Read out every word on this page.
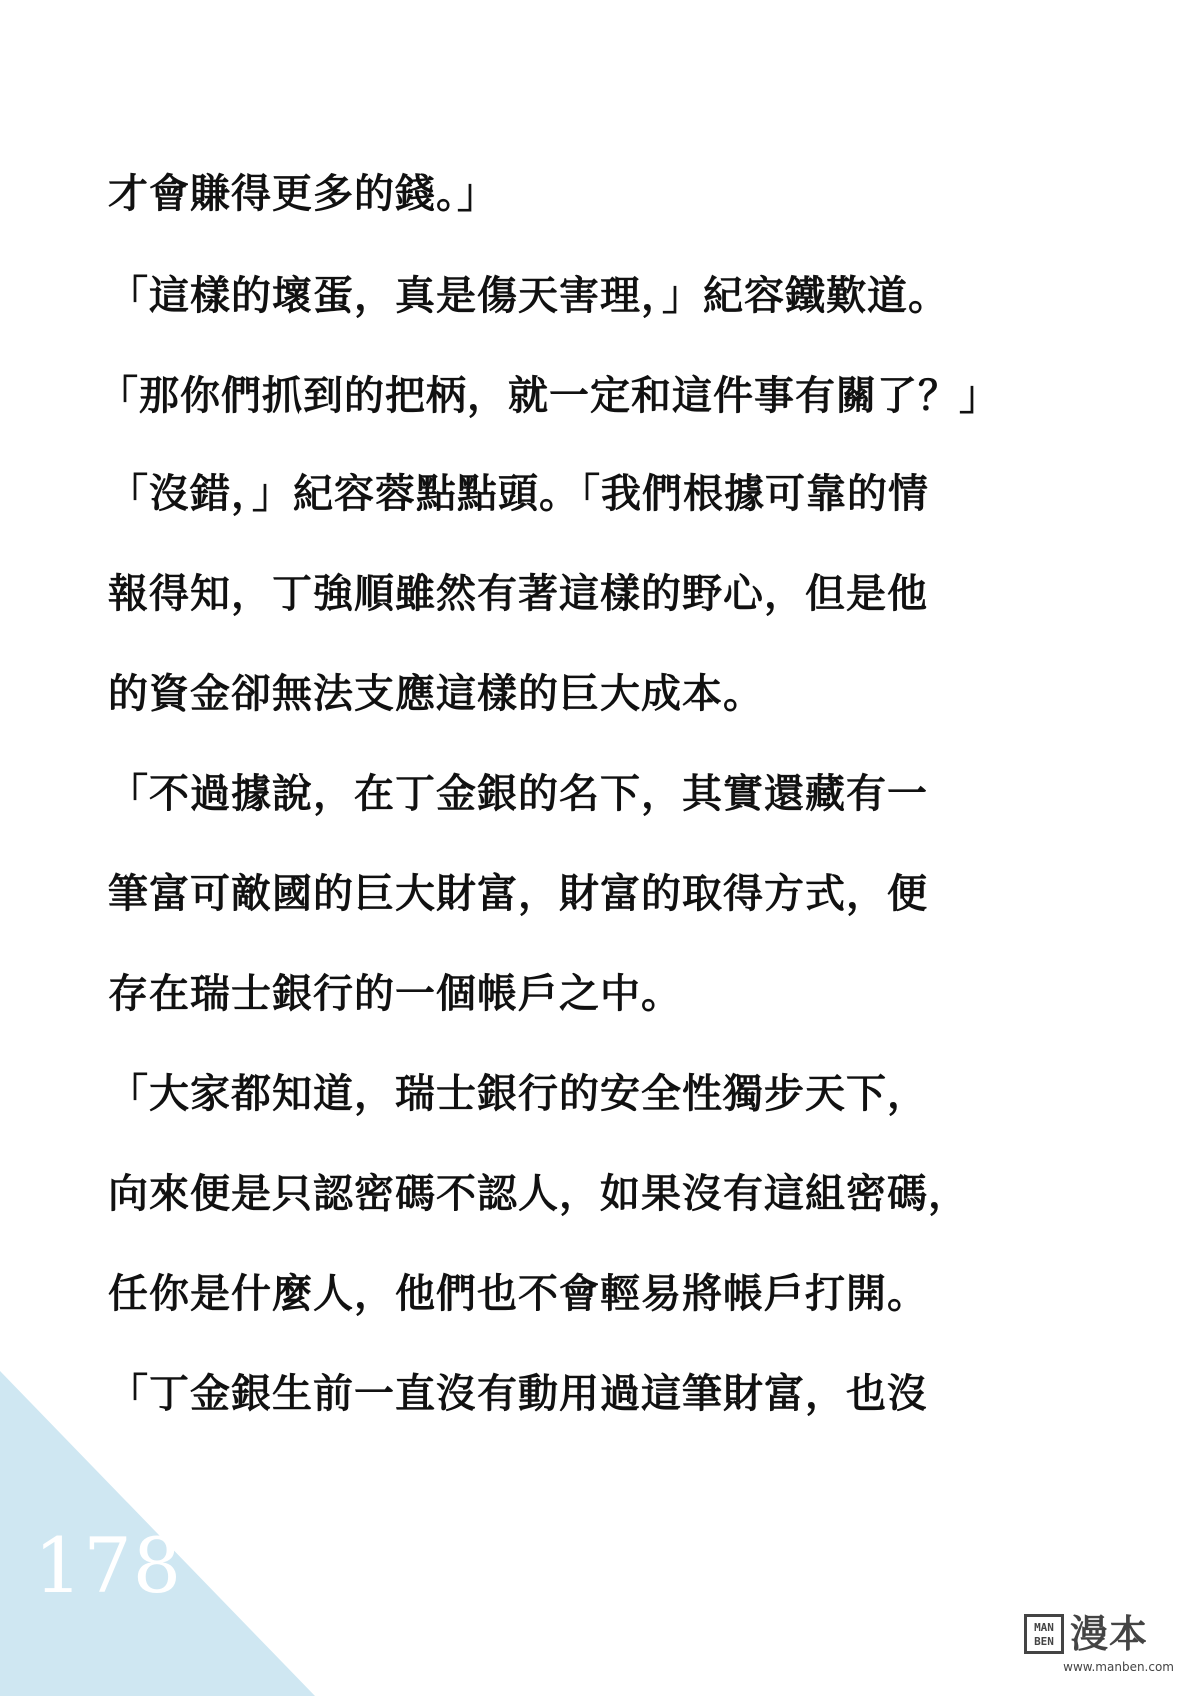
才會賺得更多的錢。」
「這樣的壞蛋，真是傷天害理，」紀容鐵歎道。
「那你們抓到的把柄，就一定和這件事有關了？」
「沒錯，」紀容蓉點點頭。「我們根據可靠的情
報得知，丁強順雖然有著這樣的野心，但是他
的資金卻無法支應這樣的巨大成本。
「不過據說，在丁金銀的名下，其實還藏有一
筆富可敵國的巨大財富，財富的取得方式，便
存在瑞士銀行的一個帳戶之中。
「大家都知道，瑞士銀行的安全性獨步天下，
向來便是只認密碼不認人，如果沒有這組密碼，
任你是什麼人，他們也不會輕易將帳戶打開。
「丁金銀生前一直沒有動用過這筆財富，也沒
178
MAN BEN 漫本
www.manben.com
